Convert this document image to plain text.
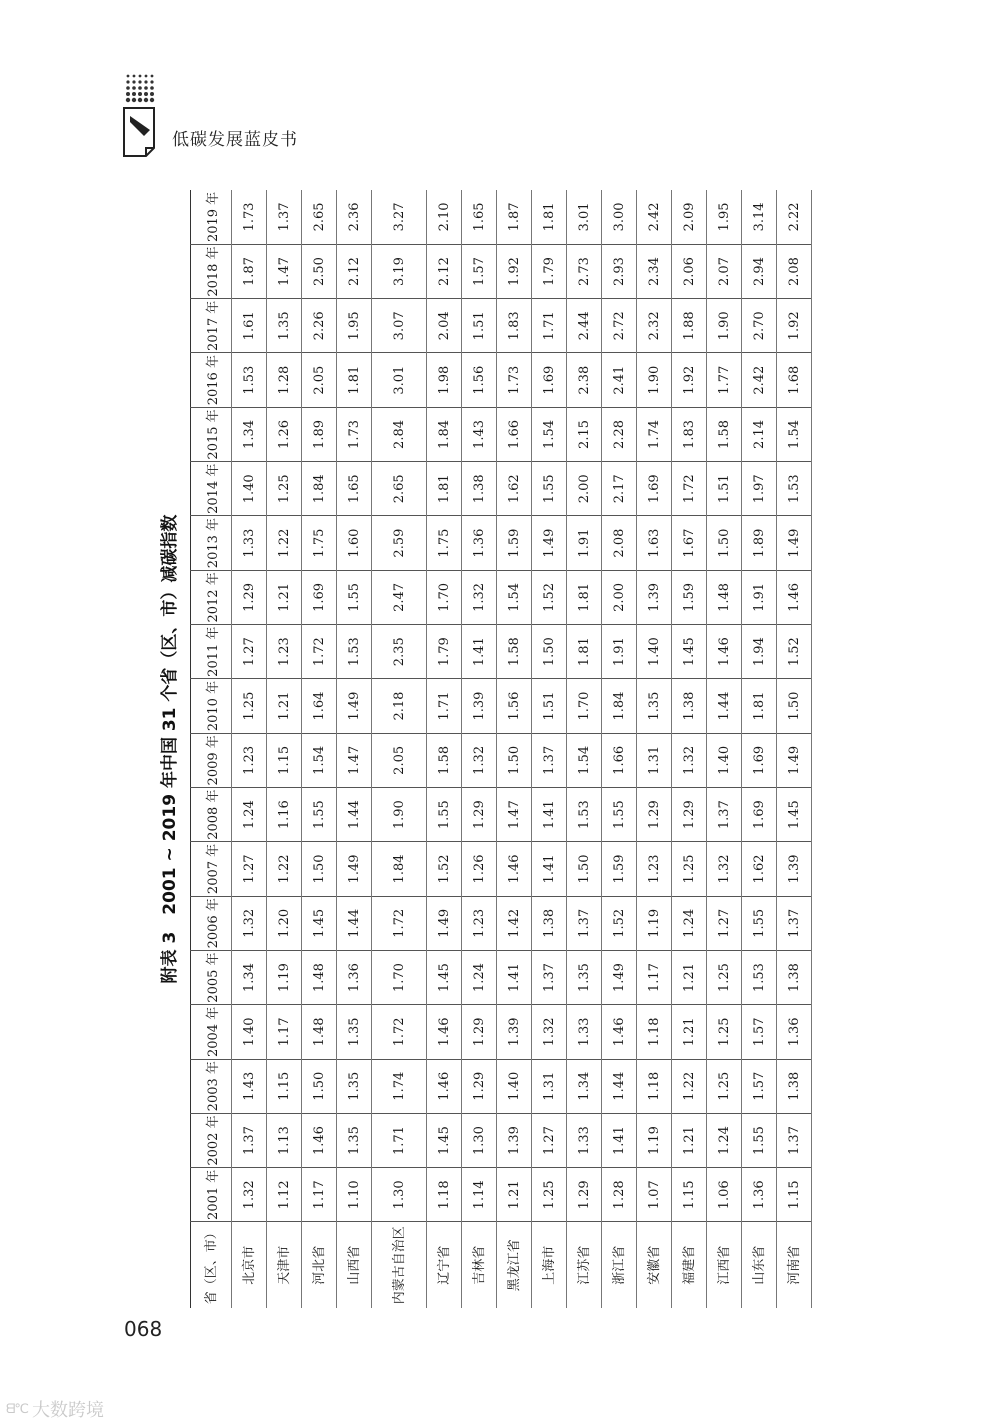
低碳发展蓝皮书
附表 3　2001 ~ 2019 年中国 31 个省（区、市）减碳指数
省（区、市）	2001 年	2002 年	2003 年	2004 年	2005 年	2006 年	2007 年	2008 年	2009 年	2010 年	2011 年	2012 年	2013 年	2014 年	2015 年	2016 年	2017 年	2018 年	2019 年
北京市	1.32	1.37	1.43	1.40	1.34	1.32	1.27	1.24	1.23	1.25	1.27	1.29	1.33	1.40	1.34	1.53	1.61	1.87	1.73
天津市	1.12	1.13	1.15	1.17	1.19	1.20	1.22	1.16	1.15	1.21	1.23	1.21	1.22	1.25	1.26	1.28	1.35	1.47	1.37
河北省	1.17	1.46	1.50	1.48	1.48	1.45	1.50	1.55	1.54	1.64	1.72	1.69	1.75	1.84	1.89	2.05	2.26	2.50	2.65
山西省	1.10	1.35	1.35	1.35	1.36	1.44	1.49	1.44	1.47	1.49	1.53	1.55	1.60	1.65	1.73	1.81	1.95	2.12	2.36
内蒙古自治区	1.30	1.71	1.74	1.72	1.70	1.72	1.84	1.90	2.05	2.18	2.35	2.47	2.59	2.65	2.84	3.01	3.07	3.19	3.27
辽宁省	1.18	1.45	1.46	1.46	1.45	1.49	1.52	1.55	1.58	1.71	1.79	1.70	1.75	1.81	1.84	1.98	2.04	2.12	2.10
吉林省	1.14	1.30	1.29	1.29	1.24	1.23	1.26	1.29	1.32	1.39	1.41	1.32	1.36	1.38	1.43	1.56	1.51	1.57	1.65
黑龙江省	1.21	1.39	1.40	1.39	1.41	1.42	1.46	1.47	1.50	1.56	1.58	1.54	1.59	1.62	1.66	1.73	1.83	1.92	1.87
上海市	1.25	1.27	1.31	1.32	1.37	1.38	1.41	1.41	1.37	1.51	1.50	1.52	1.49	1.55	1.54	1.69	1.71	1.79	1.81
江苏省	1.29	1.33	1.34	1.33	1.35	1.37	1.50	1.53	1.54	1.70	1.81	1.81	1.91	2.00	2.15	2.38	2.44	2.73	3.01
浙江省	1.28	1.41	1.44	1.46	1.49	1.52	1.59	1.55	1.66	1.84	1.91	2.00	2.08	2.17	2.28	2.41	2.72	2.93	3.00
安徽省	1.07	1.19	1.18	1.18	1.17	1.19	1.23	1.29	1.31	1.35	1.40	1.39	1.63	1.69	1.74	1.90	2.32	2.34	2.42
福建省	1.15	1.21	1.22	1.21	1.21	1.24	1.25	1.29	1.32	1.38	1.45	1.59	1.67	1.72	1.83	1.92	1.88	2.06	2.09
江西省	1.06	1.24	1.25	1.25	1.25	1.27	1.32	1.37	1.40	1.44	1.46	1.48	1.50	1.51	1.58	1.77	1.90	2.07	1.95
山东省	1.36	1.55	1.57	1.57	1.53	1.55	1.62	1.69	1.69	1.81	1.94	1.91	1.89	1.97	2.14	2.42	2.70	2.94	3.14
河南省	1.15	1.37	1.38	1.36	1.38	1.37	1.39	1.45	1.49	1.50	1.52	1.46	1.49	1.53	1.54	1.68	1.92	2.08	2.22
068
ᗺ℃ 大数跨境
